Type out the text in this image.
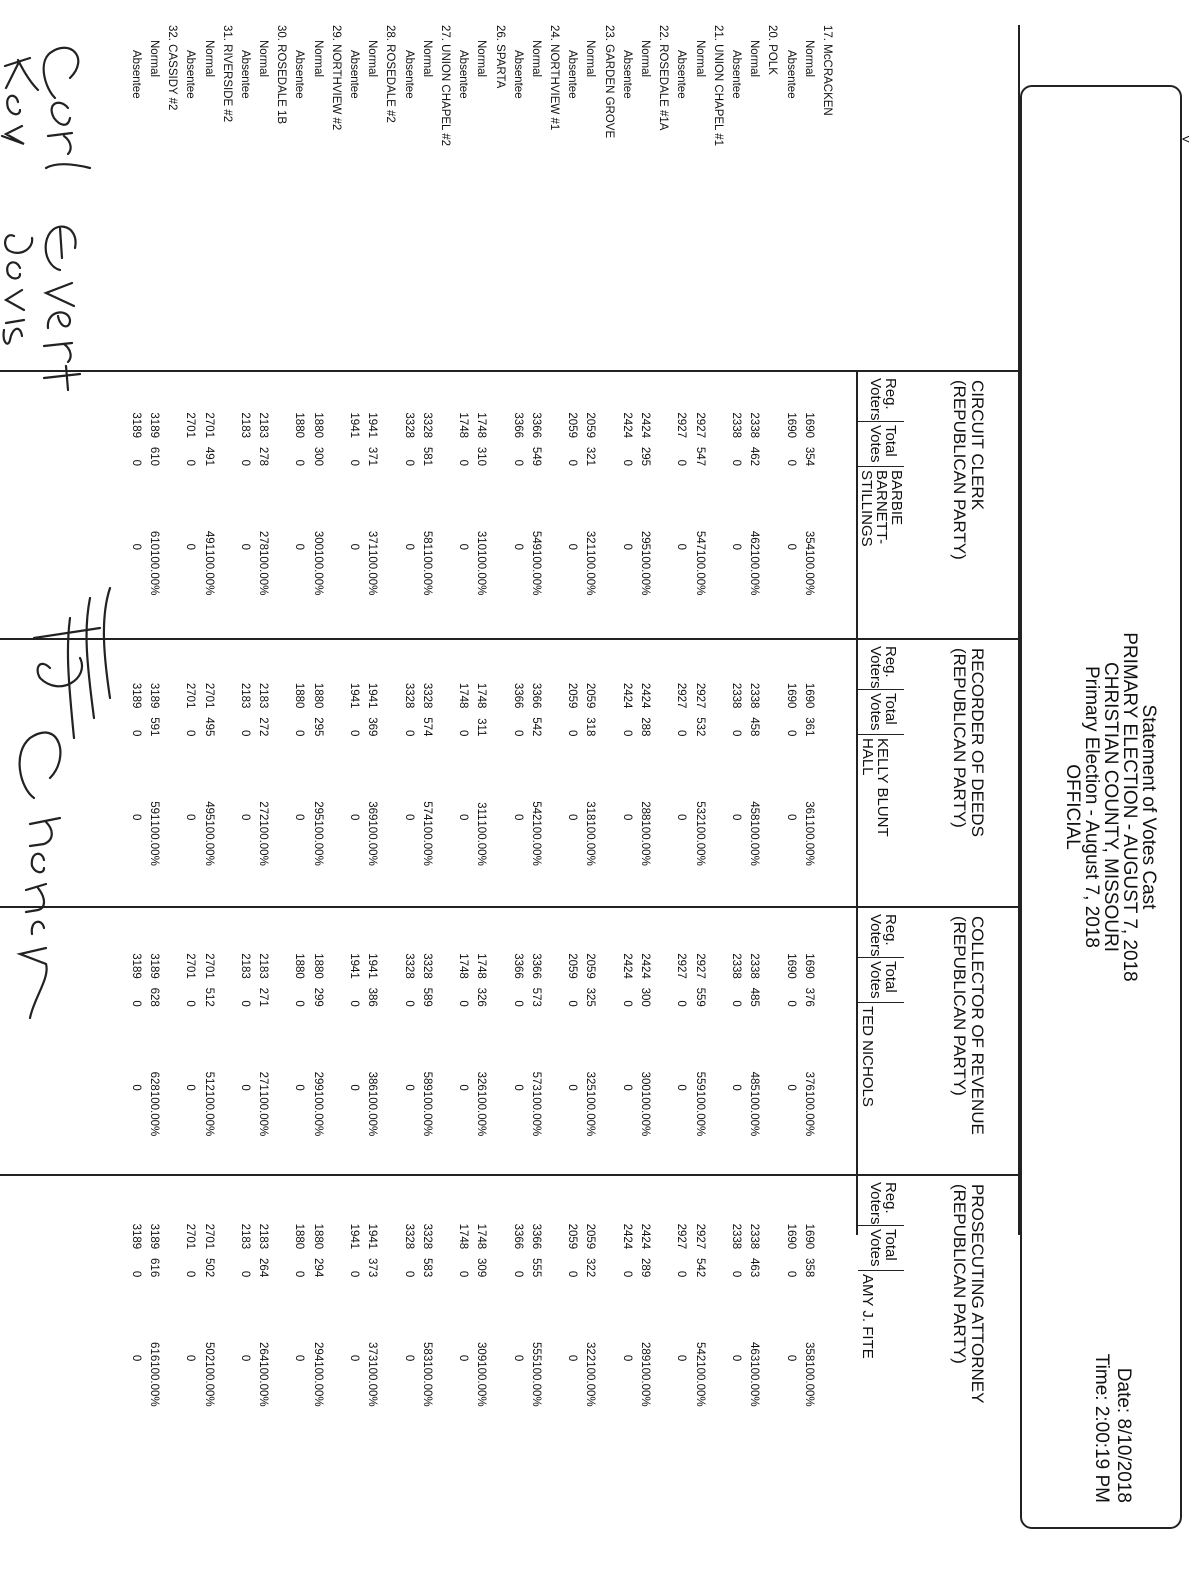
Statement of Votes Cast
PRIMARY ELECTION - AUGUST 7, 2018
CHRISTIAN COUNTY, MISSOURI
Primary Election - August 7, 2018
OFFICIAL
Date: 8/10/2018
Time: 2:00:19 PM
CIRCUIT CLERK
(REPUBLICAN PARTY)
RECORDER OF DEEDS
(REPUBLICAN PARTY)
COLLECTOR OF REVENUE
(REPUBLICAN PARTY)
PROSECUTING ATTORNEY
(REPUBLICAN PARTY)
Reg.
Voters
Total
Votes
BARBIE
BARNETT-
STILLINGS
Reg.
Voters
Total
Votes
KELLY BLUNT
HALL
Reg.
Voters
Total
Votes
TED NICHOLS
Reg.
Voters
Total
Votes
AMY J. FITE
17. McCRACKEN																				
Normal	1690	354	354	100.00%		1690	361	361	100.00%		1690	376	376	100.00%		1690	358	358	100.00%	
Absentee	1690	0	0			1690	0	0			1690	0	0			1690	0	0		
20. POLK																				
Normal	2338	462	462	100.00%		2338	458	458	100.00%		2338	485	485	100.00%		2338	463	463	100.00%	
Absentee	2338	0	0			2338	0	0			2338	0	0			2338	0	0		
21. UNION CHAPEL #1																				
Normal	2927	547	547	100.00%		2927	532	532	100.00%		2927	559	559	100.00%		2927	542	542	100.00%	
Absentee	2927	0	0			2927	0	0			2927	0	0			2927	0	0		
22. ROSEDALE #1A																				
Normal	2424	295	295	100.00%		2424	288	288	100.00%		2424	300	300	100.00%		2424	289	289	100.00%	
Absentee	2424	0	0			2424	0	0			2424	0	0			2424	0	0		
23. GARDEN GROVE																				
Normal	2059	321	321	100.00%		2059	318	318	100.00%		2059	325	325	100.00%		2059	322	322	100.00%	
Absentee	2059	0	0			2059	0	0			2059	0	0			2059	0	0		
24. NORTHVIEW #1																				
Normal	3366	549	549	100.00%		3366	542	542	100.00%		3366	573	573	100.00%		3366	555	555	100.00%	
Absentee	3366	0	0			3366	0	0			3366	0	0			3366	0	0		
26. SPARTA																				
Normal	1748	310	310	100.00%		1748	311	311	100.00%		1748	326	326	100.00%		1748	309	309	100.00%	
Absentee	1748	0	0			1748	0	0			1748	0	0			1748	0	0		
27. UNION CHAPEL #2																				
Normal	3328	581	581	100.00%		3328	574	574	100.00%		3328	589	589	100.00%		3328	583	583	100.00%	
Absentee	3328	0	0			3328	0	0			3328	0	0			3328	0	0		
28. ROSEDALE #2																				
Normal	1941	371	371	100.00%		1941	369	369	100.00%		1941	386	386	100.00%		1941	373	373	100.00%	
Absentee	1941	0	0			1941	0	0			1941	0	0			1941	0	0		
29. NORTHVIEW #2																				
Normal	1880	300	300	100.00%		1880	295	295	100.00%		1880	299	299	100.00%		1880	294	294	100.00%	
Absentee	1880	0	0			1880	0	0			1880	0	0			1880	0	0		
30. ROSEDALE 1B																				
Normal	2183	278	278	100.00%		2183	272	272	100.00%		2183	271	271	100.00%		2183	264	264	100.00%	
Absentee	2183	0	0			2183	0	0			2183	0	0			2183	0	0		
31. RIVERSIDE #2																				
Normal	2701	491	491	100.00%		2701	495	495	100.00%		2701	512	512	100.00%		2701	502	502	100.00%	
Absentee	2701	0	0			2701	0	0			2701	0	0			2701	0	0		
32. CASSIDY #2																				
Normal	3189	610	610	100.00%		3189	591	591	100.00%		3189	628	628	100.00%		3189	616	616	100.00%	
Absentee	3189	0	0			3189	0	0			3189	0	0			3189	0	0		
˅
